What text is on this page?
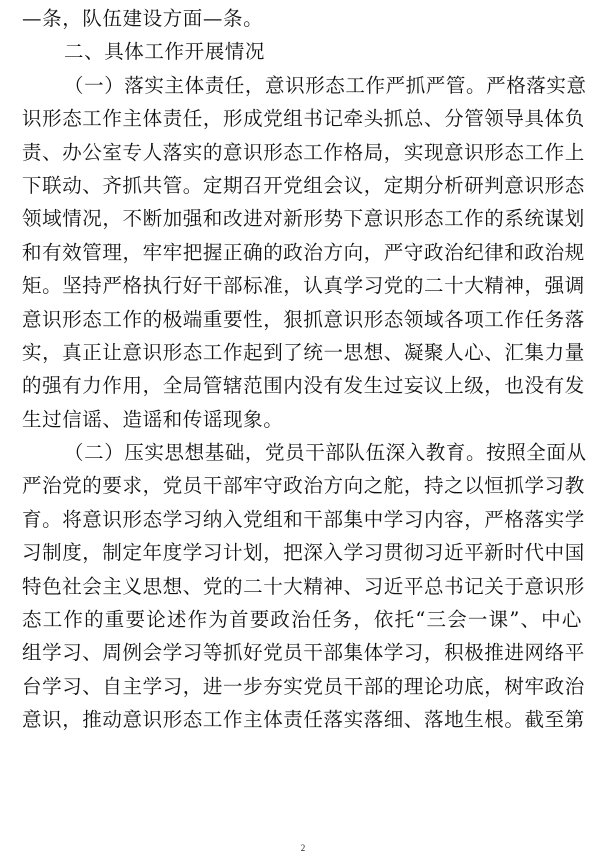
—条，队伍建设方面—条。
二、具体工作开展情况
（一）落实主体责任，意识形态工作严抓严管。严格落实意
识形态工作主体责任，形成党组书记牵头抓总、分管领导具体负
责、办公室专人落实的意识形态工作格局，实现意识形态工作上
下联动、齐抓共管。定期召开党组会议，定期分析研判意识形态
领域情况，不断加强和改进对新形势下意识形态工作的系统谋划
和有效管理，牢牢把握正确的政治方向，严守政治纪律和政治规
矩。坚持严格执行好干部标准，认真学习党的二十大精神，强调
意识形态工作的极端重要性，狠抓意识形态领域各项工作任务落
实，真正让意识形态工作起到了统一思想、凝聚人心、汇集力量
的强有力作用，全局管辖范围内没有发生过妄议上级，也没有发
生过信谣、造谣和传谣现象。
（二）压实思想基础，党员干部队伍深入教育。按照全面从
严治党的要求，党员干部牢守政治方向之舵，持之以恒抓学习教
育。将意识形态学习纳入党组和干部集中学习内容，严格落实学
习制度，制定年度学习计划，把深入学习贯彻习近平新时代中国
特色社会主义思想、党的二十大精神、习近平总书记关于意识形
态工作的重要论述作为首要政治任务，依托“三会一课”、中心
组学习、周例会学习等抓好党员干部集体学习，积极推进网络平
台学习、自主学习，进一步夯实党员干部的理论功底，树牢政治
意识，推动意识形态工作主体责任落实落细、落地生根。截至第
2
